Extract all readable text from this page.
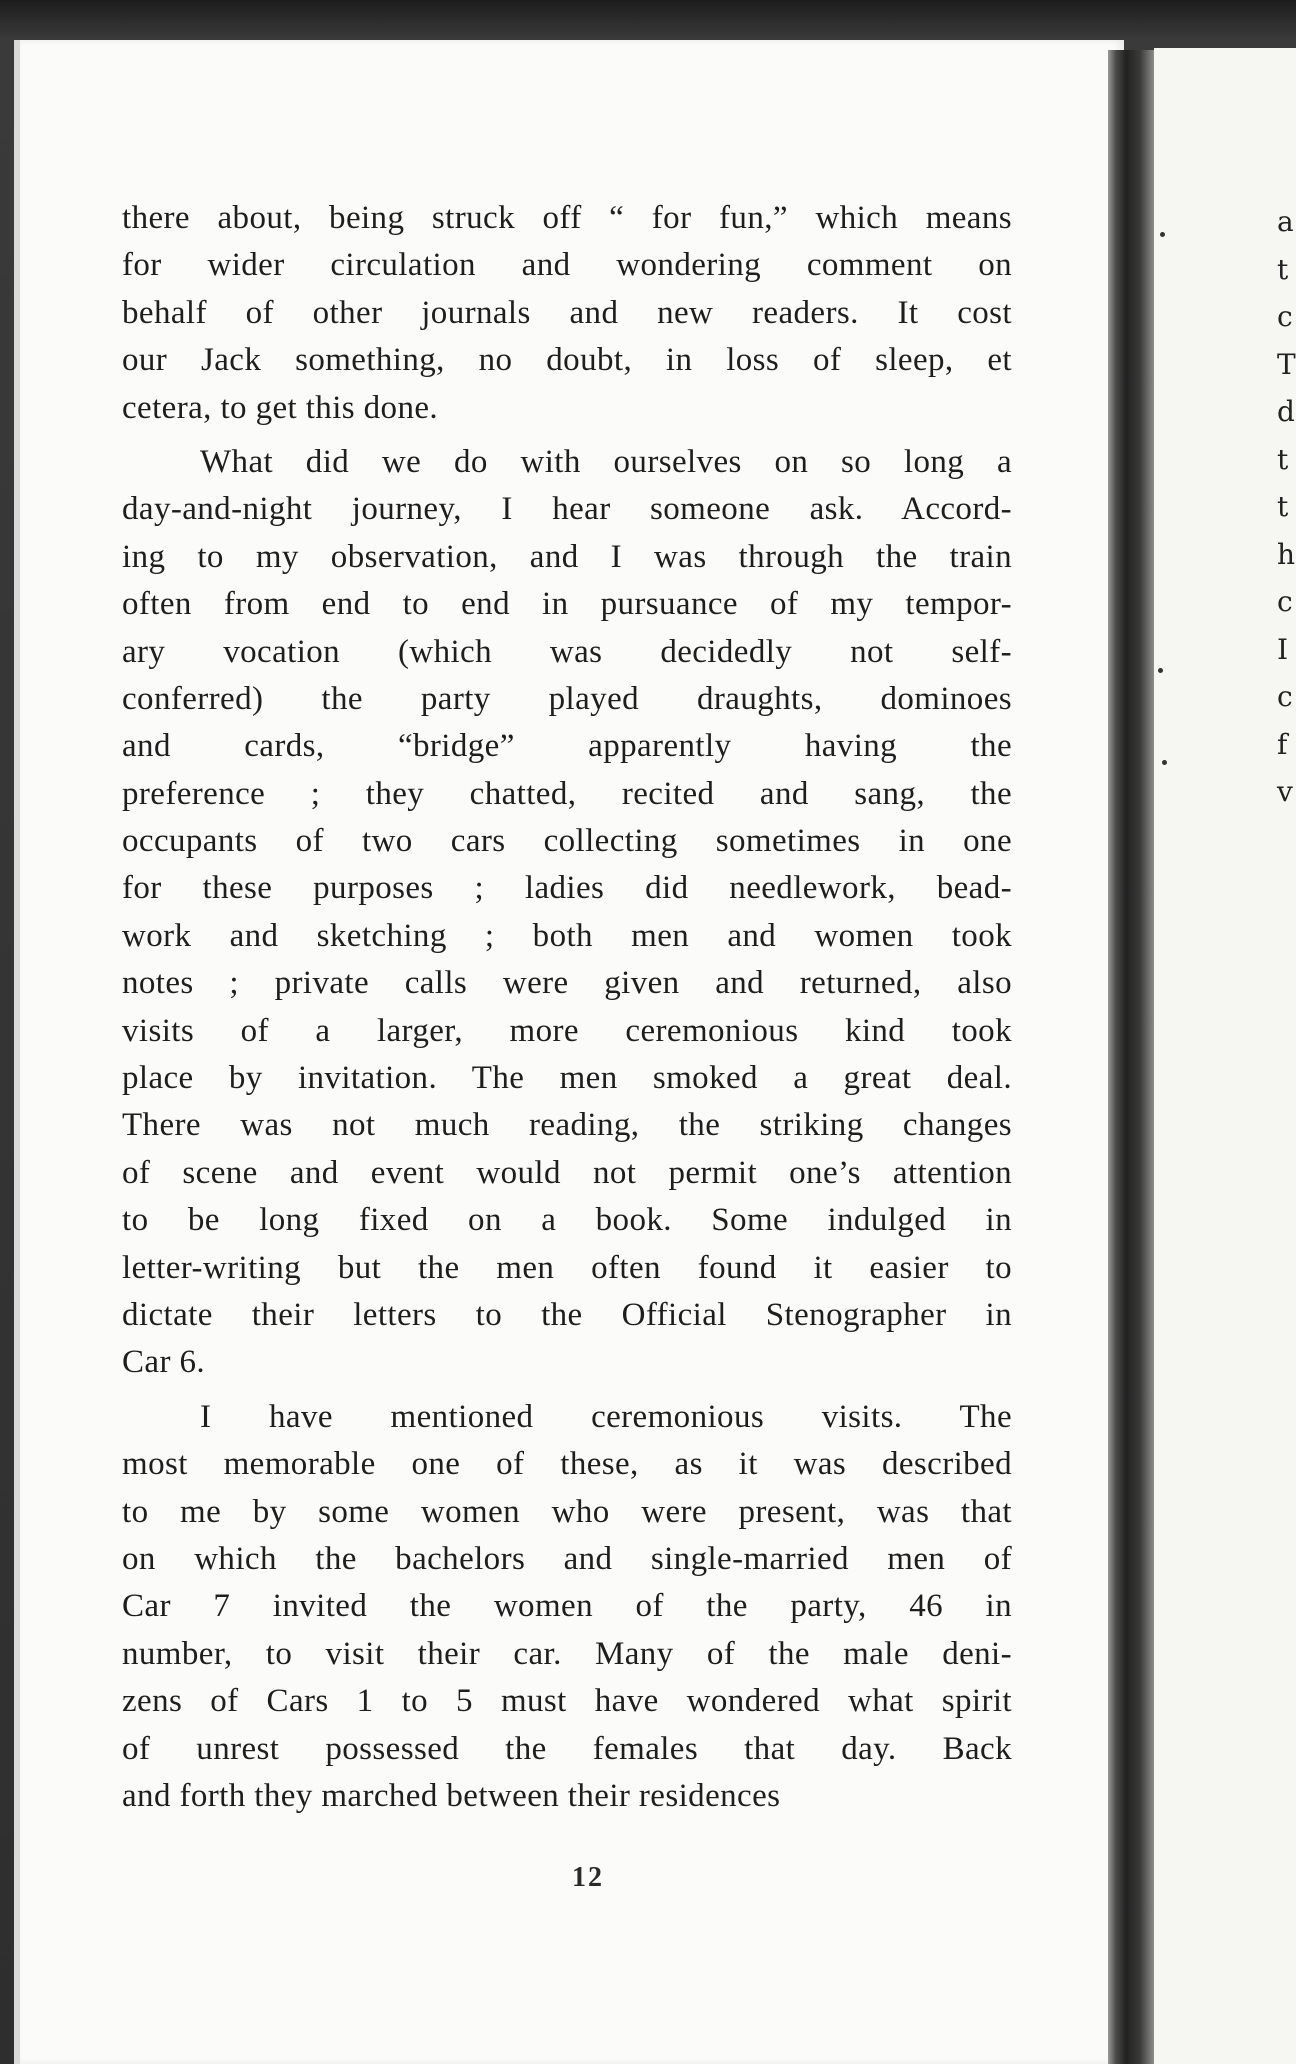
a
t
c
T
d
t
t
h
c
I
c
f
v
there about, being struck off “ for fun,” which means
for wider circulation and wondering comment on
behalf of other journals and new readers. It cost
our Jack something, no doubt, in loss of sleep, et
cetera, to get this done.
What did we do with ourselves on so long a
day-and-night journey, I hear someone ask. Accord-
ing to my observation, and I was through the train
often from end to end in pursuance of my tempor-
ary vocation (which was decidedly not self-
conferred) the party played draughts, dominoes
and cards, “bridge” apparently having the
preference ; they chatted, recited and sang, the
occupants of two cars collecting sometimes in one
for these purposes ; ladies did needlework, bead-
work and sketching ; both men and women took
notes ; private calls were given and returned, also
visits of a larger, more ceremonious kind took
place by invitation. The men smoked a great deal.
There was not much reading, the striking changes
of scene and event would not permit one’s attention
to be long fixed on a book. Some indulged in
letter-writing but the men often found it easier to
dictate their letters to the Official Stenographer in
Car 6.
I have mentioned ceremonious visits. The
most memorable one of these, as it was described
to me by some women who were present, was that
on which the bachelors and single-married men of
Car 7 invited the women of the party, 46 in
number, to visit their car. Many of the male deni-
zens of Cars 1 to 5 must have wondered what spirit
of unrest possessed the females that day. Back
and forth they marched between their residences
12
